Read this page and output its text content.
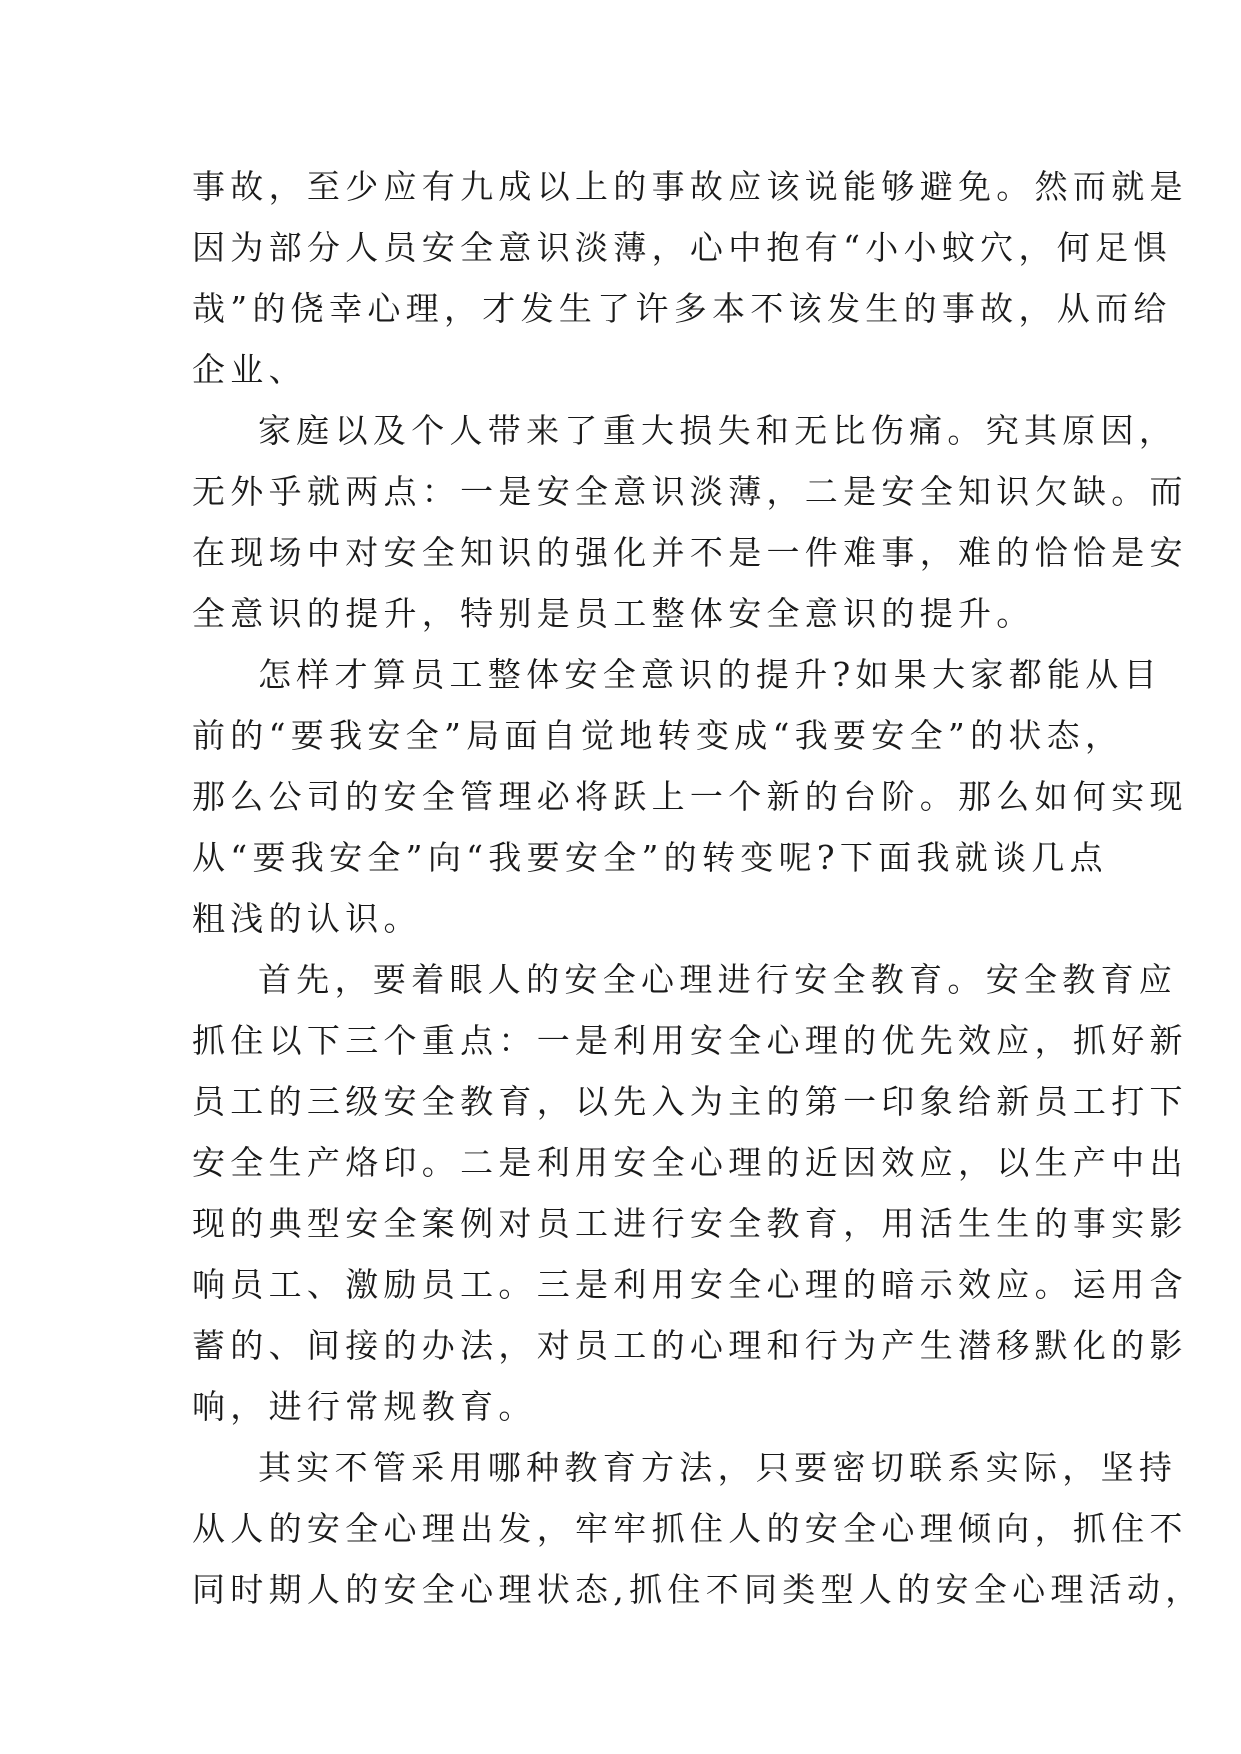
事故，至少应有九成以上的事故应该说能够避免。然而就是
因为部分人员安全意识淡薄，心中抱有“小小蚊穴，何足惧
哉”的侥幸心理，才发生了许多本不该发生的事故，从而给
企业、
家庭以及个人带来了重大损失和无比伤痛。究其原因，
无外乎就两点：一是安全意识淡薄，二是安全知识欠缺。而
在现场中对安全知识的强化并不是一件难事，难的恰恰是安
全意识的提升，特别是员工整体安全意识的提升。
怎样才算员工整体安全意识的提升?如果大家都能从目
前的“要我安全”局面自觉地转变成“我要安全”的状态，
那么公司的安全管理必将跃上一个新的台阶。那么如何实现
从“要我安全”向“我要安全”的转变呢?下面我就谈几点
粗浅的认识。
首先，要着眼人的安全心理进行安全教育。安全教育应
抓住以下三个重点：一是利用安全心理的优先效应，抓好新
员工的三级安全教育，以先入为主的第一印象给新员工打下
安全生产烙印。二是利用安全心理的近因效应，以生产中出
现的典型安全案例对员工进行安全教育，用活生生的事实影
响员工、激励员工。三是利用安全心理的暗示效应。运用含
蓄的、间接的办法，对员工的心理和行为产生潜移默化的影
响，进行常规教育。
其实不管采用哪种教育方法，只要密切联系实际，坚持
从人的安全心理出发，牢牢抓住人的安全心理倾向，抓住不
同时期人的安全心理状态,抓住不同类型人的安全心理活动，
